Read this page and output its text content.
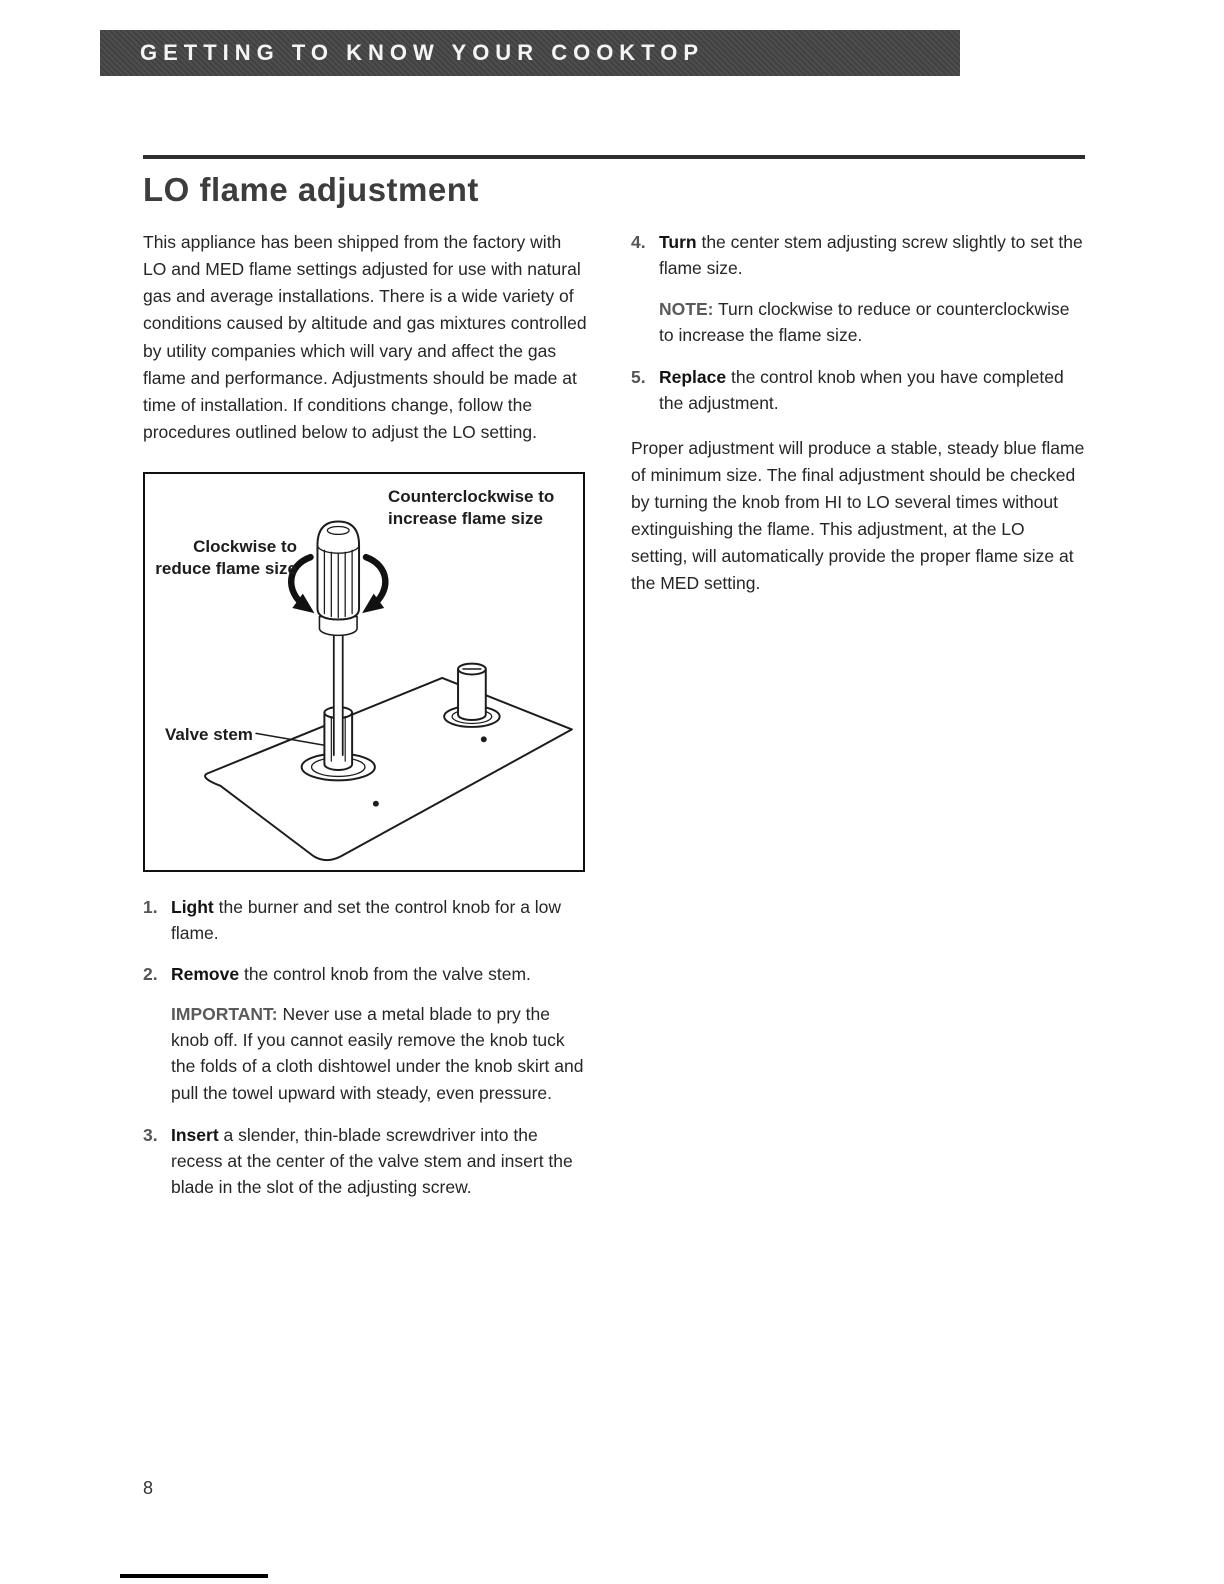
GETTING TO KNOW YOUR COOKTOP
LO flame adjustment

This appliance has been shipped from the factory with LO and MED flame settings adjusted for use with natural gas and average installations. There is a wide variety of conditions caused by altitude and gas mixtures controlled by utility companies which will vary and affect the gas flame and performance. Adjustments should be made at time of installation. If conditions change, follow the procedures outlined below to adjust the LO setting.

Counterclockwise to increase flame size
Clockwise to reduce flame size
Valve stem

1. Light the burner and set the control knob for a low flame.

2. Remove the control knob from the valve stem.

IMPORTANT: Never use a metal blade to pry the knob off. If you cannot easily remove the knob tuck the folds of a cloth dishtowel under the knob skirt and pull the towel upward with steady, even pressure.

3. Insert a slender, thin-blade screwdriver into the recess at the center of the valve stem and insert the blade in the slot of the adjusting screw.

4. Turn the center stem adjusting screw slightly to set the flame size.

NOTE: Turn clockwise to reduce or counterclockwise to increase the flame size.

5. Replace the control knob when you have completed the adjustment.

Proper adjustment will produce a stable, steady blue flame of minimum size. The final adjustment should be checked by turning the knob from HI to LO several times without extinguishing the flame. This adjustment, at the LO setting, will automatically provide the proper flame size at the MED setting.

8
